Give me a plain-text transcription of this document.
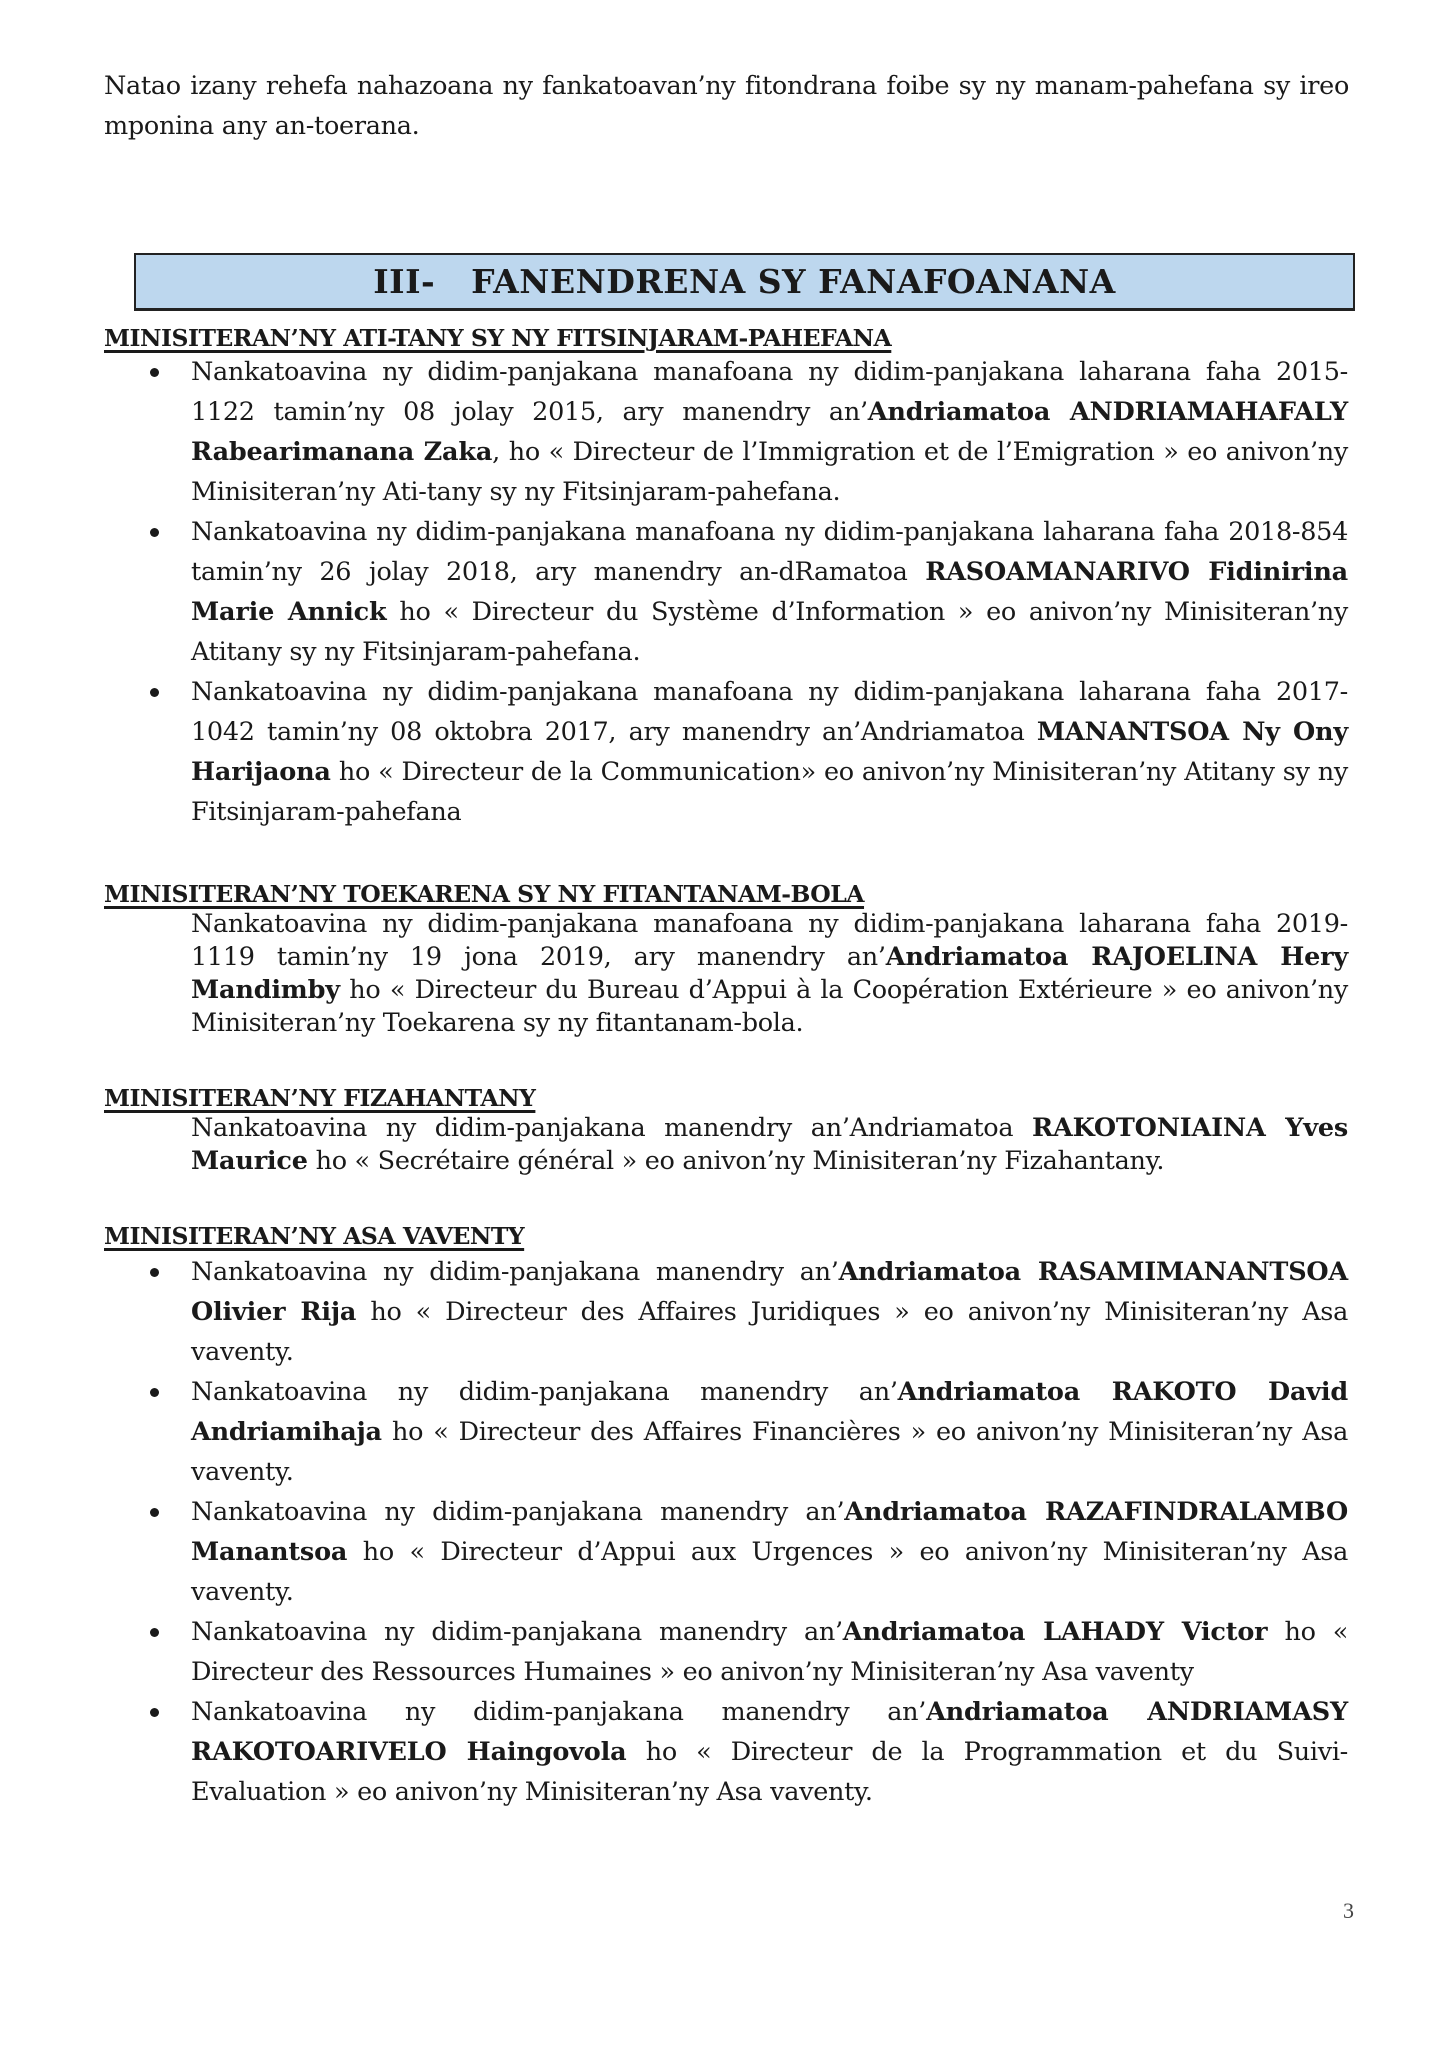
Natao izany rehefa nahazoana ny fankatoavan’ny fitondrana foibe sy ny manam-pahefana sy ireo mponina any an-toerana.

III-   FANENDRENA SY FANAFOANANA
MINISITERAN’NY ATI-TANY SY NY FITSINJARAM-PAHEFANA
Nankatoavina ny didim-panjakana manafoana ny didim-panjakana laharana faha 2015-1122 tamin’ny 08 jolay 2015, ary manendry an’Andriamatoa ANDRIAMAHAFALY Rabearimanana Zaka, ho « Directeur de l’Immigration et de l’Emigration » eo anivon’ny Minisiteran’ny Ati-tany sy ny Fitsinjaram-pahefana.
Nankatoavina ny didim-panjakana manafoana ny didim-panjakana laharana faha 2018-854 tamin’ny 26 jolay 2018, ary manendry an-dRamatoa RASOAMANARIVO Fidinirina Marie Annick ho « Directeur du Système d’Information » eo anivon’ny Minisiteran’ny Atitany sy ny Fitsinjaram-pahefana.
Nankatoavina ny didim-panjakana manafoana ny didim-panjakana laharana faha 2017-1042 tamin’ny 08 oktobra 2017, ary manendry an’Andriamatoa MANANTSOA Ny Ony Harijaona ho « Directeur de la Communication» eo anivon’ny Minisiteran’ny Atitany sy ny Fitsinjaram-pahefana
MINISITERAN’NY TOEKARENA SY NY FITANTANAM-BOLA

Nankatoavina ny didim-panjakana manafoana ny didim-panjakana laharana faha 2019-1119 tamin’ny 19 jona 2019, ary manendry an’Andriamatoa RAJOELINA Hery Mandimby ho « Directeur du Bureau d’Appui à la Coopération Extérieure » eo anivon’ny Minisiteran’ny Toekarena sy ny fitantanam-bola.

MINISITERAN’NY FIZAHANTANY

Nankatoavina ny didim-panjakana manendry an’Andriamatoa RAKOTONIAINA Yves Maurice ho « Secrétaire général » eo anivon’ny Minisiteran’ny Fizahantany.

MINISITERAN’NY ASA VAVENTY
Nankatoavina ny didim-panjakana manendry an’Andriamatoa RASAMIMANANTSOA Olivier Rija ho « Directeur des Affaires Juridiques » eo anivon’ny Minisiteran’ny Asa vaventy.
Nankatoavina ny didim-panjakana manendry an’Andriamatoa RAKOTO David Andriamihaja ho « Directeur des Affaires Financières » eo anivon’ny Minisiteran’ny Asa vaventy.
Nankatoavina ny didim-panjakana manendry an’Andriamatoa RAZAFINDRALAMBO Manantsoa ho « Directeur d’Appui aux Urgences » eo anivon’ny Minisiteran’ny Asa vaventy.
Nankatoavina ny didim-panjakana manendry an’Andriamatoa LAHADY Victor ho « Directeur des Ressources Humaines » eo anivon’ny Minisiteran’ny Asa vaventy
Nankatoavina ny didim-panjakana manendry an’Andriamatoa ANDRIAMASY RAKOTOARIVELO Haingovola ho « Directeur de la Programmation et du Suivi-Evaluation » eo anivon’ny Minisiteran’ny Asa vaventy.
3
